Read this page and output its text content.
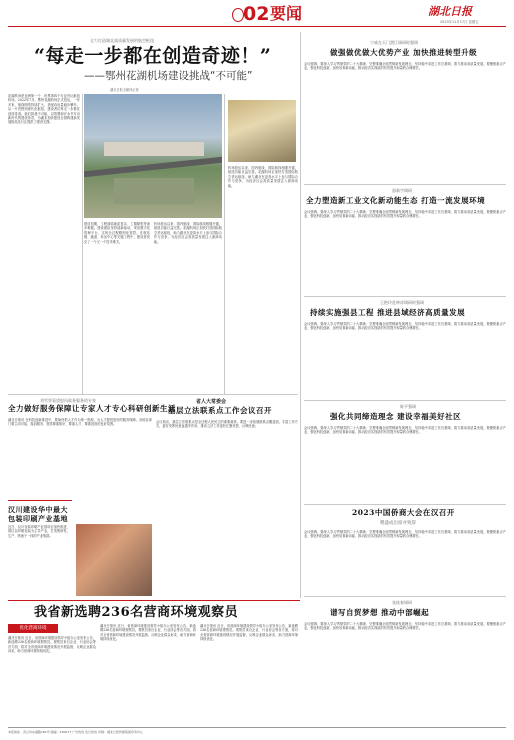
02 要闻	湖北日报
2023年11月17日 星期五
全力打造湖北高质量发展的航空枢纽
“每走一步都在创造奇迹！”
——鄂州花湖机场建设挑战“不可能”
湖北日报全媒体记者
花湖机场是亚洲第一个、世界第四个专业货运枢纽机场。2022年7月，鄂州花湖机场正式投运，一年多来，航线网络持续扩大，货邮吞吐量稳步攀升。从一片荒野到现代化枢纽，建设者们每走一步都在创造奇迹。他们挑战不可能，以智慧和汗水书写出新时代的建设传奇，为湖北加快建设全国构建新发展格局先行区提供了强劲支撑。
建设初期，工程面临地质复杂、工期紧张等诸多难题。建设团队坚持创新驱动，采用数字化管理平台，实现全过程精细化管控。在航站楼、跑道、转运中心等关键工程中，建设者攻克了一个又一个技术难关。
机场投运以来，国内航线、国际航线相继开通，枢纽功能日益完善。花湖机场正加快打造国际航空货运枢纽，助力湖北在更高水平上参与国际合作与竞争，为经济社会高质量发展注入澎湃动能。
机场投运以来，国内航线、国际航线相继开通，枢纽功能日益完善。花湖机场正加快打造国际航空货运枢纽，助力湖北在更高水平上参与国际合作与竞争，为经济社会高质量发展注入澎湃动能。
刘雪荣看望慰问政务服务的专家
全力做好服务保障让专家人才专心科研创新生活
湖北日报讯 在科技创新推进中，要始终把人才作为第一资源，为人才提供更好的服务保障。各地各部门要主动对接、靠前服务，营造尊重知识、尊重人才、尊重创造的良好氛围。
省人大常委会
基层立法联系点工作会议召开
会议指出，基层立法联系点是全过程人民民主的重要载体。要进一步拓展联系点覆盖面，丰富工作方式，更好发挥民意直通车作用，推动立法工作更好汇聚民智、反映民意。
汉川建设华中最大包装印刷产业基地
近日，汉川包装印刷产业园项目加快推进，园区以印刷包装为主导产业，打造集研发、生产、物流于一体的产业集群。
宁咸在天门潜江调研时强调
做强做优做大优势产业 加快推进转型升级
会议强调，要深入学习贯彻党的二十大精神，完整准确全面贯彻新发展理念，坚持稳中求进工作总基调，着力推动高质量发展。要聚焦重点产业，强化科技创新，加快培育新动能，推动经济实现质的有效提升和量的合理增长。
邵新宇调研
全力塑造新工业文化新动能生态 打造一流发展环境
会议强调，要深入学习贯彻党的二十大精神，完整准确全面贯彻新发展理念，坚持稳中求进工作总基调，着力推动高质量发展。要聚焦重点产业，强化科技创新，加快培育新动能，推动经济实现质的有效提升和量的合理增长。
王艳玲赴钟祥调研时强调
持续实施强县工程 推进县域经济高质量发展
会议强调，要深入学习贯彻党的二十大精神，完整准确全面贯彻新发展理念，坚持稳中求进工作总基调，着力推动高质量发展。要聚焦重点产业，强化科技创新，加快培育新动能，推动经济实现质的有效提升和量的合理增长。
陈平强调
强化共同缔造理念 建设幸福美好社区
会议强调，要深入学习贯彻党的二十大精神，完整准确全面贯彻新发展理念，坚持稳中求进工作总基调，着力推动高质量发展。要聚焦重点产业，强化科技创新，加快培育新动能，推动经济实现质的有效提升和量的合理增长。
2023中国侨商大会在汉召开
嗯盛成出席并致辞
会议强调，要深入学习贯彻党的二十大精神，完整准确全面贯彻新发展理念，坚持稳中求进工作总基调，着力推动高质量发展。要聚焦重点产业，强化科技创新，加快培育新动能，推动经济实现质的有效提升和量的合理增长。
我省新选聘236名营商环境观察员
优化营商环境
湖北日报讯 近日，省营商环境建设领导小组办公室发布公告，新选聘236名营商环境观察员。观察员来自企业、行业协会等各方面，将对全省营商环境建设情况开展监督，反映企业群众诉求，助力营商环境持续优化。
湖北日报讯 近日，省营商环境建设领导小组办公室发布公告，新选聘236名营商环境观察员。观察员来自企业、行业协会等各方面，将对全省营商环境建设情况开展监督，反映企业群众诉求，助力营商环境持续优化。
湖北日报讯 近日，省营商环境建设领导小组办公室发布公告，新选聘236名营商环境观察员。观察员来自企业、行业协会等各方面，将对全省营商环境建设情况开展监督，反映企业群众诉求，助力营商环境持续优化。
张桂春调研
谱写自贸梦想 推动中部崛起
会议强调，要深入学习贯彻党的二十大精神，完整准确全面贯彻新发展理念，坚持稳中求进工作总基调，着力推动高质量发展。要聚焦重点产业，强化科技创新，加快培育新动能，推动经济实现质的有效提升和量的合理增长。
本报地址：武汉市东湖路181号 邮编：430077 广告热线 发行热线 印刷：湖北日报传媒集团印务中心
